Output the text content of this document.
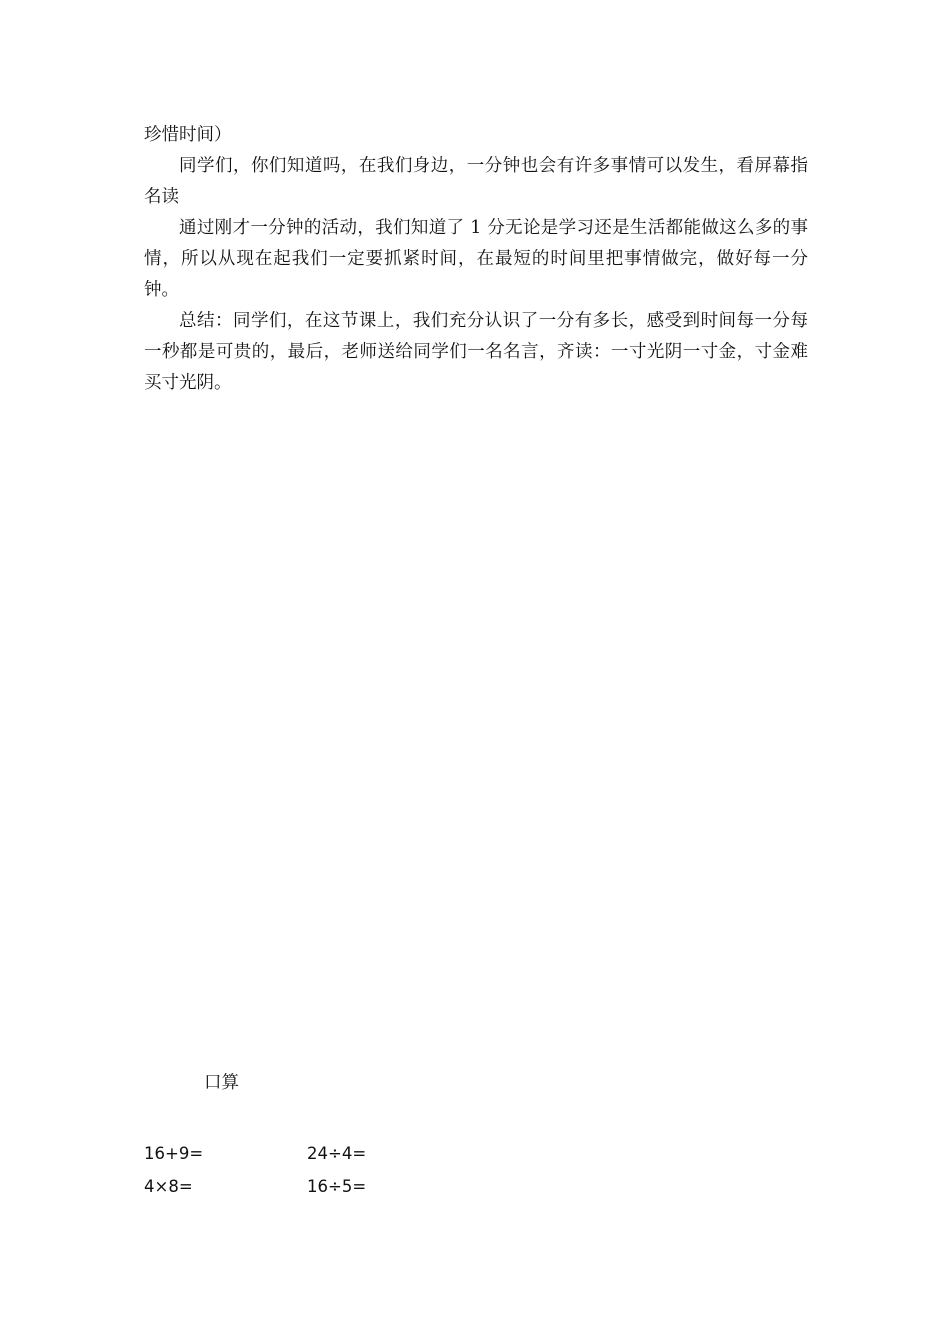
珍惜时间）

同学们，你们知道吗，在我们身边，一分钟也会有许多事情可以发生，看屏幕指名读

通过刚才一分钟的活动，我们知道了 1 分无论是学习还是生活都能做这么多的事情，所以从现在起我们一定要抓紧时间，在最短的时间里把事情做完，做好每一分钟。

总结：同学们，在这节课上，我们充分认识了一分有多长，感受到时间每一分每一秒都是可贵的，最后，老师送给同学们一名名言，齐读：一寸光阴一寸金，寸金难买寸光阴。

口算
16+9=	24÷4=
4×8=	16÷5=
